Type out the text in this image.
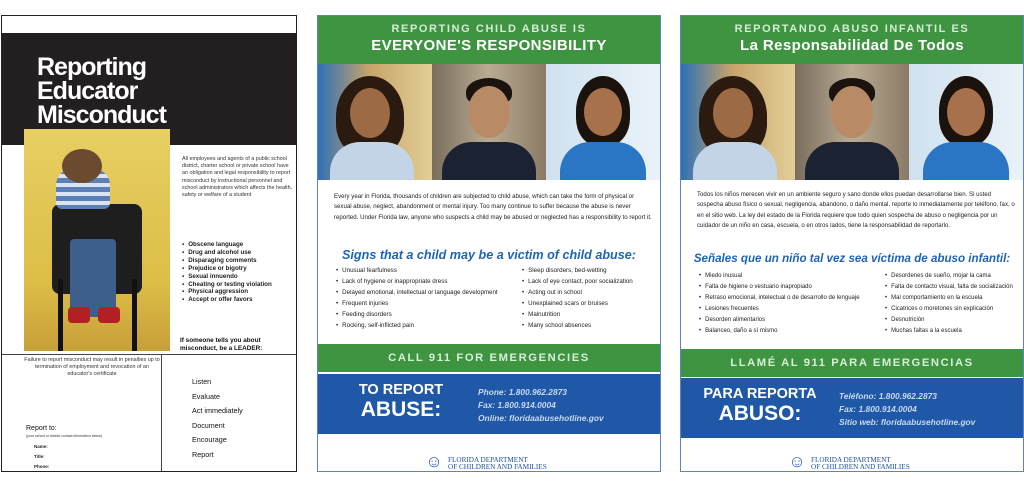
Reporting
Educator
Misconduct
All employees and agents of a public school district, charter school or private school have an obligation and legal responsibility to report misconduct by instructional personnel and school administrators which affects the health, safety or welfare of a student
▪ Obscene language
▪ Drug and alcohol use
▪ Disparaging comments
▪ Prejudice or bigotry
▪ Sexual innuendo
▪ Cheating or testing violation
▪ Physical aggression
▪ Accept or offer favors
If someone tells you about misconduct, be a LEADER:
Failure to report misconduct may result in penalties up to termination of employment and revocation of an educator's certificate
Listen
Evaluate
Act immediately
Document
Encourage
Report
Report to:
(your school or district contact information below)
Name:
Title:
Phone:
REPORTING CHILD ABUSE IS
EVERYONE'S RESPONSIBILITY
Every year in Florida, thousands of children are subjected to child abuse, which can take the form of physical or sexual abuse, neglect, abandonment or mental injury. Too many continue to suffer because the abuse is never reported. Under Florida law, anyone who suspects a child may be abused or neglected has a responsibility to report it.
Signs that a child may be a victim of child abuse:
• Unusual fearfulness
• Lack of hygiene or inappropriate dress
• Delayed emotional, intellectual or language development
• Frequent injuries
• Feeding disorders
• Rocking, self-inflicted pain
• Sleep disorders, bed-wetting
• Lack of eye contact, poor socialization
• Acting out in school
• Unexplained scars or bruises
• Malnutrition
• Many school absences
CALL 911 FOR EMERGENCIES
TO REPORT
ABUSE:
Phone: 1.800.962.2873
Fax: 1.800.914.0004
Online: floridaabusehotline.gov
☺ FLORIDA DEPARTMENT
OF CHILDREN AND FAMILIES
REPORTANDO ABUSO INFANTIL ES
La Responsabilidad De Todos
Todos los niños merecen vivir en un ambiente seguro y sano donde ellos puedan desarrollarse bien. Si usted sospecha abuso físico o sexual, negligencia, abandono, o daño mental, reporte lo inmediatamente por teléfono, fax, o en el sitio web. La ley del estado de la Florida requiere que todo quien sospecha de abuso o negligencia por un cuidador de un niño en casa, escuela, o en otros lados, tiene la responsabilidad de reportarlo.
Señales que un niño tal vez sea víctima de abuso infantil:
• Miedo inusual
• Falta de higiene o vestuario inapropiado
• Retraso emocional, intelectual o de desarrollo de lenguaje
• Lesiones frecuentes
• Desorden alimentarios
• Balanceo, daño a sí mismo
• Desordenes de sueño, mojar la cama
• Falta de contacto visual, falta de socialización
• Mal comportamiento en la escuela
• Cicatrices o moretones sin explicación
• Desnutrición
• Muchas faltas a la escuela
LLAMÉ AL 911 PARA EMERGENCIAS
PARA REPORTA
ABUSO:
Teléfono: 1.800.962.2873
Fax: 1.800.914.0004
Sitio web: floridaabusehotline.gov
☺ FLORIDA DEPARTMENT
OF CHILDREN AND FAMILIES
